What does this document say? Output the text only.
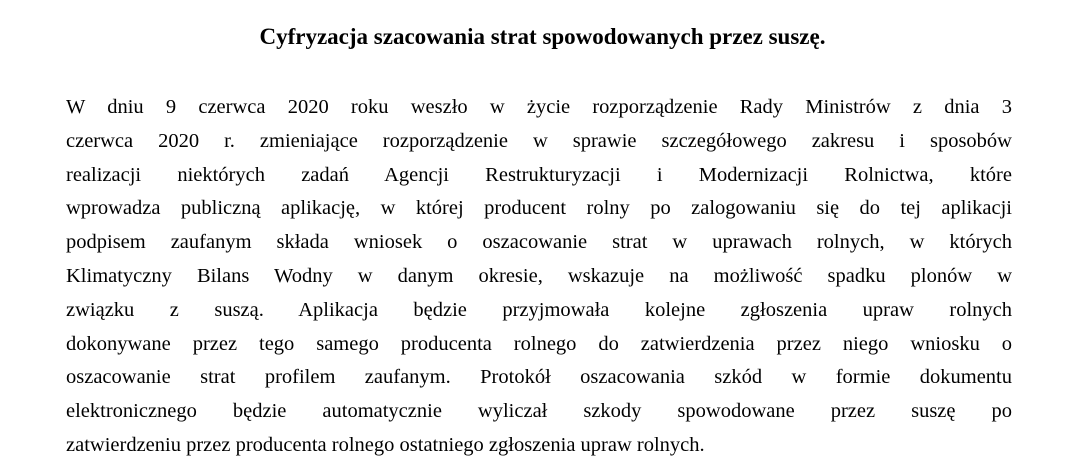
Cyfryzacja szacowania strat spowodowanych przez suszę.
W dniu 9 czerwca 2020 roku weszło w życie rozporządzenie Rady Ministrów z dnia 3
czerwca 2020 r. zmieniające rozporządzenie w sprawie szczegółowego zakresu i sposobów
realizacji niektórych zadań Agencji Restrukturyzacji i Modernizacji Rolnictwa, które
wprowadza publiczną aplikację, w której producent rolny po zalogowaniu się do tej aplikacji
podpisem zaufanym składa wniosek o oszacowanie strat w uprawach rolnych, w których
Klimatyczny Bilans Wodny w danym okresie, wskazuje na możliwość spadku plonów w
związku z suszą. Aplikacja będzie przyjmowała kolejne zgłoszenia upraw rolnych
dokonywane przez tego samego producenta rolnego do zatwierdzenia przez niego wniosku o
oszacowanie strat profilem zaufanym. Protokół oszacowania szkód w formie dokumentu
elektronicznego będzie automatycznie wyliczał szkody spowodowane przez suszę po
zatwierdzeniu przez producenta rolnego ostatniego zgłoszenia upraw rolnych.
